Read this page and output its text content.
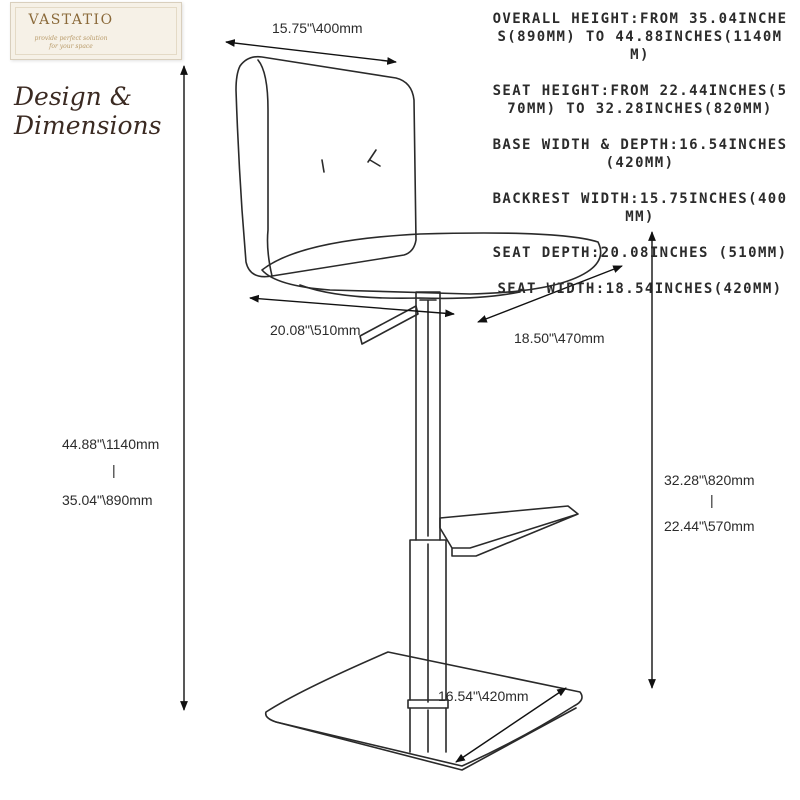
VASTATIO
provide perfect solution
for your space
Design &
Dimensions

OVERALL HEIGHT:FROM 35.04INCHES(890MM) TO 44.88INCHES(1140MM)

SEAT HEIGHT:FROM 22.44INCHES(570MM) TO 32.28INCHES(820MM)

BASE WIDTH & DEPTH:16.54INCHES(420MM)

BACKREST WIDTH:15.75INCHES(400MM)

SEAT DEPTH:20.08INCHES (510MM)

SEAT WIDTH:18.54INCHES(420MM)

15.75"\400mm
20.08"\510mm	18.50"\470mm
44.88"\1140mm
|
35.04"\890mm
32.28"\820mm
|
22.44"\570mm
16.54"\420mm
